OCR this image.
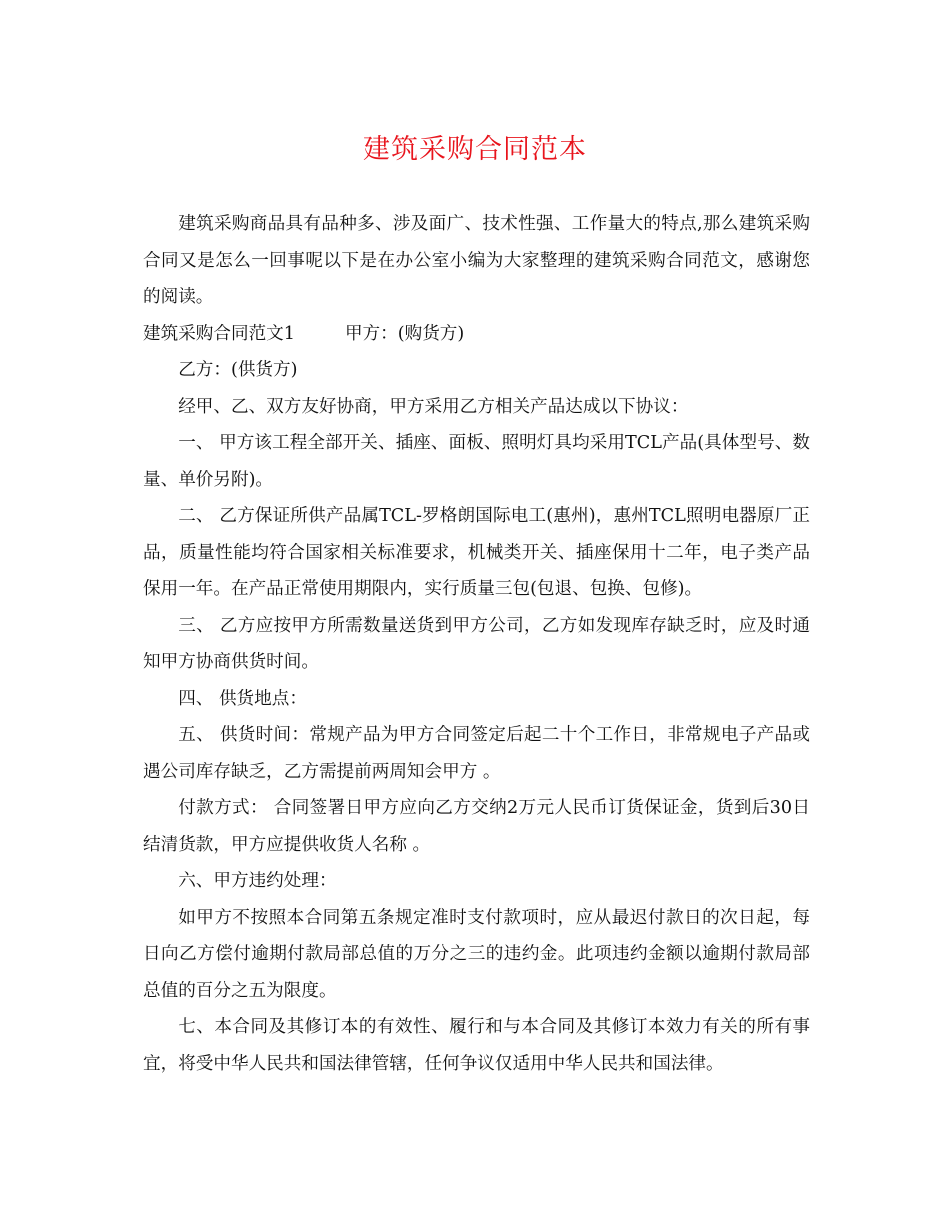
建筑采购合同范本

建筑采购商品具有品种多、涉及面广、技术性强、工作量大的特点,那么建筑采购合同又是怎么一回事呢以下是在办公室小编为大家整理的建筑采购合同范文，感谢您的阅读。

建筑采购合同范文1	甲方：(购货方)

乙方：(供货方)

经甲、乙、双方友好协商，甲方采用乙方相关产品达成以下协议：

一、 甲方该工程全部开关、插座、面板、照明灯具均采用TCL产品(具体型号、数量、单价另附)。

二、 乙方保证所供产品属TCL-罗格朗国际电工(惠州)，惠州TCL照明电器原厂正品，质量性能均符合国家相关标准要求，机械类开关、插座保用十二年，电子类产品保用一年。在产品正常使用期限内，实行质量三包(包退、包换、包修)。

三、 乙方应按甲方所需数量送货到甲方公司，乙方如发现库存缺乏时，应及时通知甲方协商供货时间。

四、 供货地点：

五、 供货时间：常规产品为甲方合同签定后起二十个工作日，非常规电子产品或遇公司库存缺乏，乙方需提前两周知会甲方 。

付款方式： 合同签署日甲方应向乙方交纳2万元人民币订货保证金，货到后30日结清货款，甲方应提供收货人名称 。

六、甲方违约处理：

如甲方不按照本合同第五条规定准时支付款项时，应从最迟付款日的次日起，每日向乙方偿付逾期付款局部总值的万分之三的违约金。此项违约金额以逾期付款局部总值的百分之五为限度。

七、本合同及其修订本的有效性、履行和与本合同及其修订本效力有关的所有事宜，将受中华人民共和国法律管辖，任何争议仅适用中华人民共和国法律。
